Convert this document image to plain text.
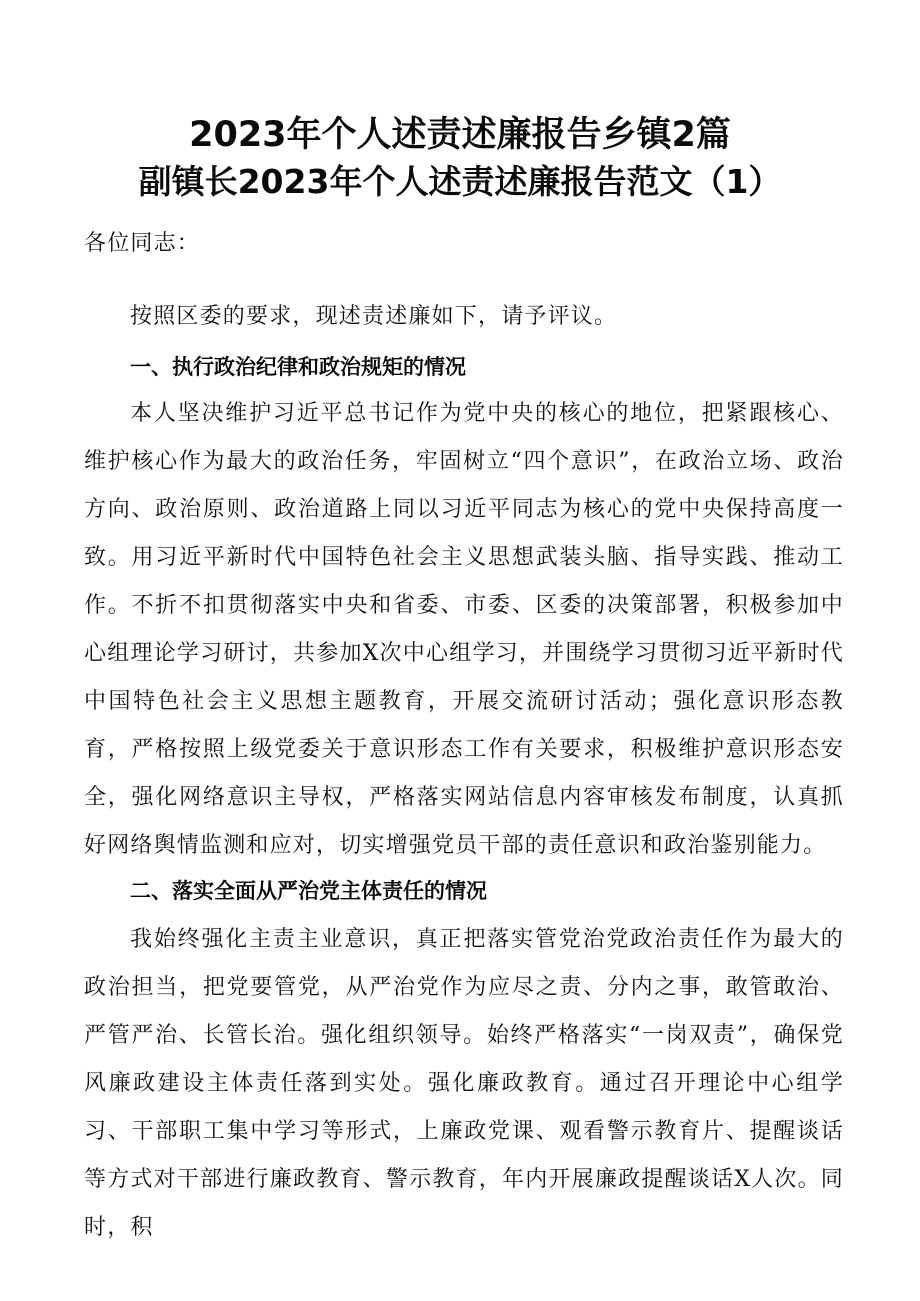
2023年个人述责述廉报告乡镇2篇
副镇长2023年个人述责述廉报告范文（1）
各位同志：
按照区委的要求，现述责述廉如下，请予评议。
一、执行政治纪律和政治规矩的情况
本人坚决维护习近平总书记作为党中央的核心的地位，把紧跟核心、维护核心作为最大的政治任务，牢固树立“四个意识”，在政治立场、政治方向、政治原则、政治道路上同以习近平同志为核心的党中央保持高度一致。用习近平新时代中国特色社会主义思想武装头脑、指导实践、推动工作。不折不扣贯彻落实中央和省委、市委、区委的决策部署，积极参加中心组理论学习研讨，共参加X次中心组学习，并围绕学习贯彻习近平新时代中国特色社会主义思想主题教育，开展交流研讨活动；强化意识形态教育，严格按照上级党委关于意识形态工作有关要求，积极维护意识形态安全，强化网络意识主导权，严格落实网站信息内容审核发布制度，认真抓好网络舆情监测和应对，切实增强党员干部的责任意识和政治鉴别能力。
二、落实全面从严治党主体责任的情况
我始终强化主责主业意识，真正把落实管党治党政治责任作为最大的政治担当，把党要管党，从严治党作为应尽之责、分内之事，敢管敢治、严管严治、长管长治。强化组织领导。始终严格落实“一岗双责”，确保党风廉政建设主体责任落到实处。强化廉政教育。通过召开理论中心组学习、干部职工集中学习等形式，上廉政党课、观看警示教育片、提醒谈话等方式对干部进行廉政教育、警示教育，年内开展廉政提醒谈话X人次。同时，积
